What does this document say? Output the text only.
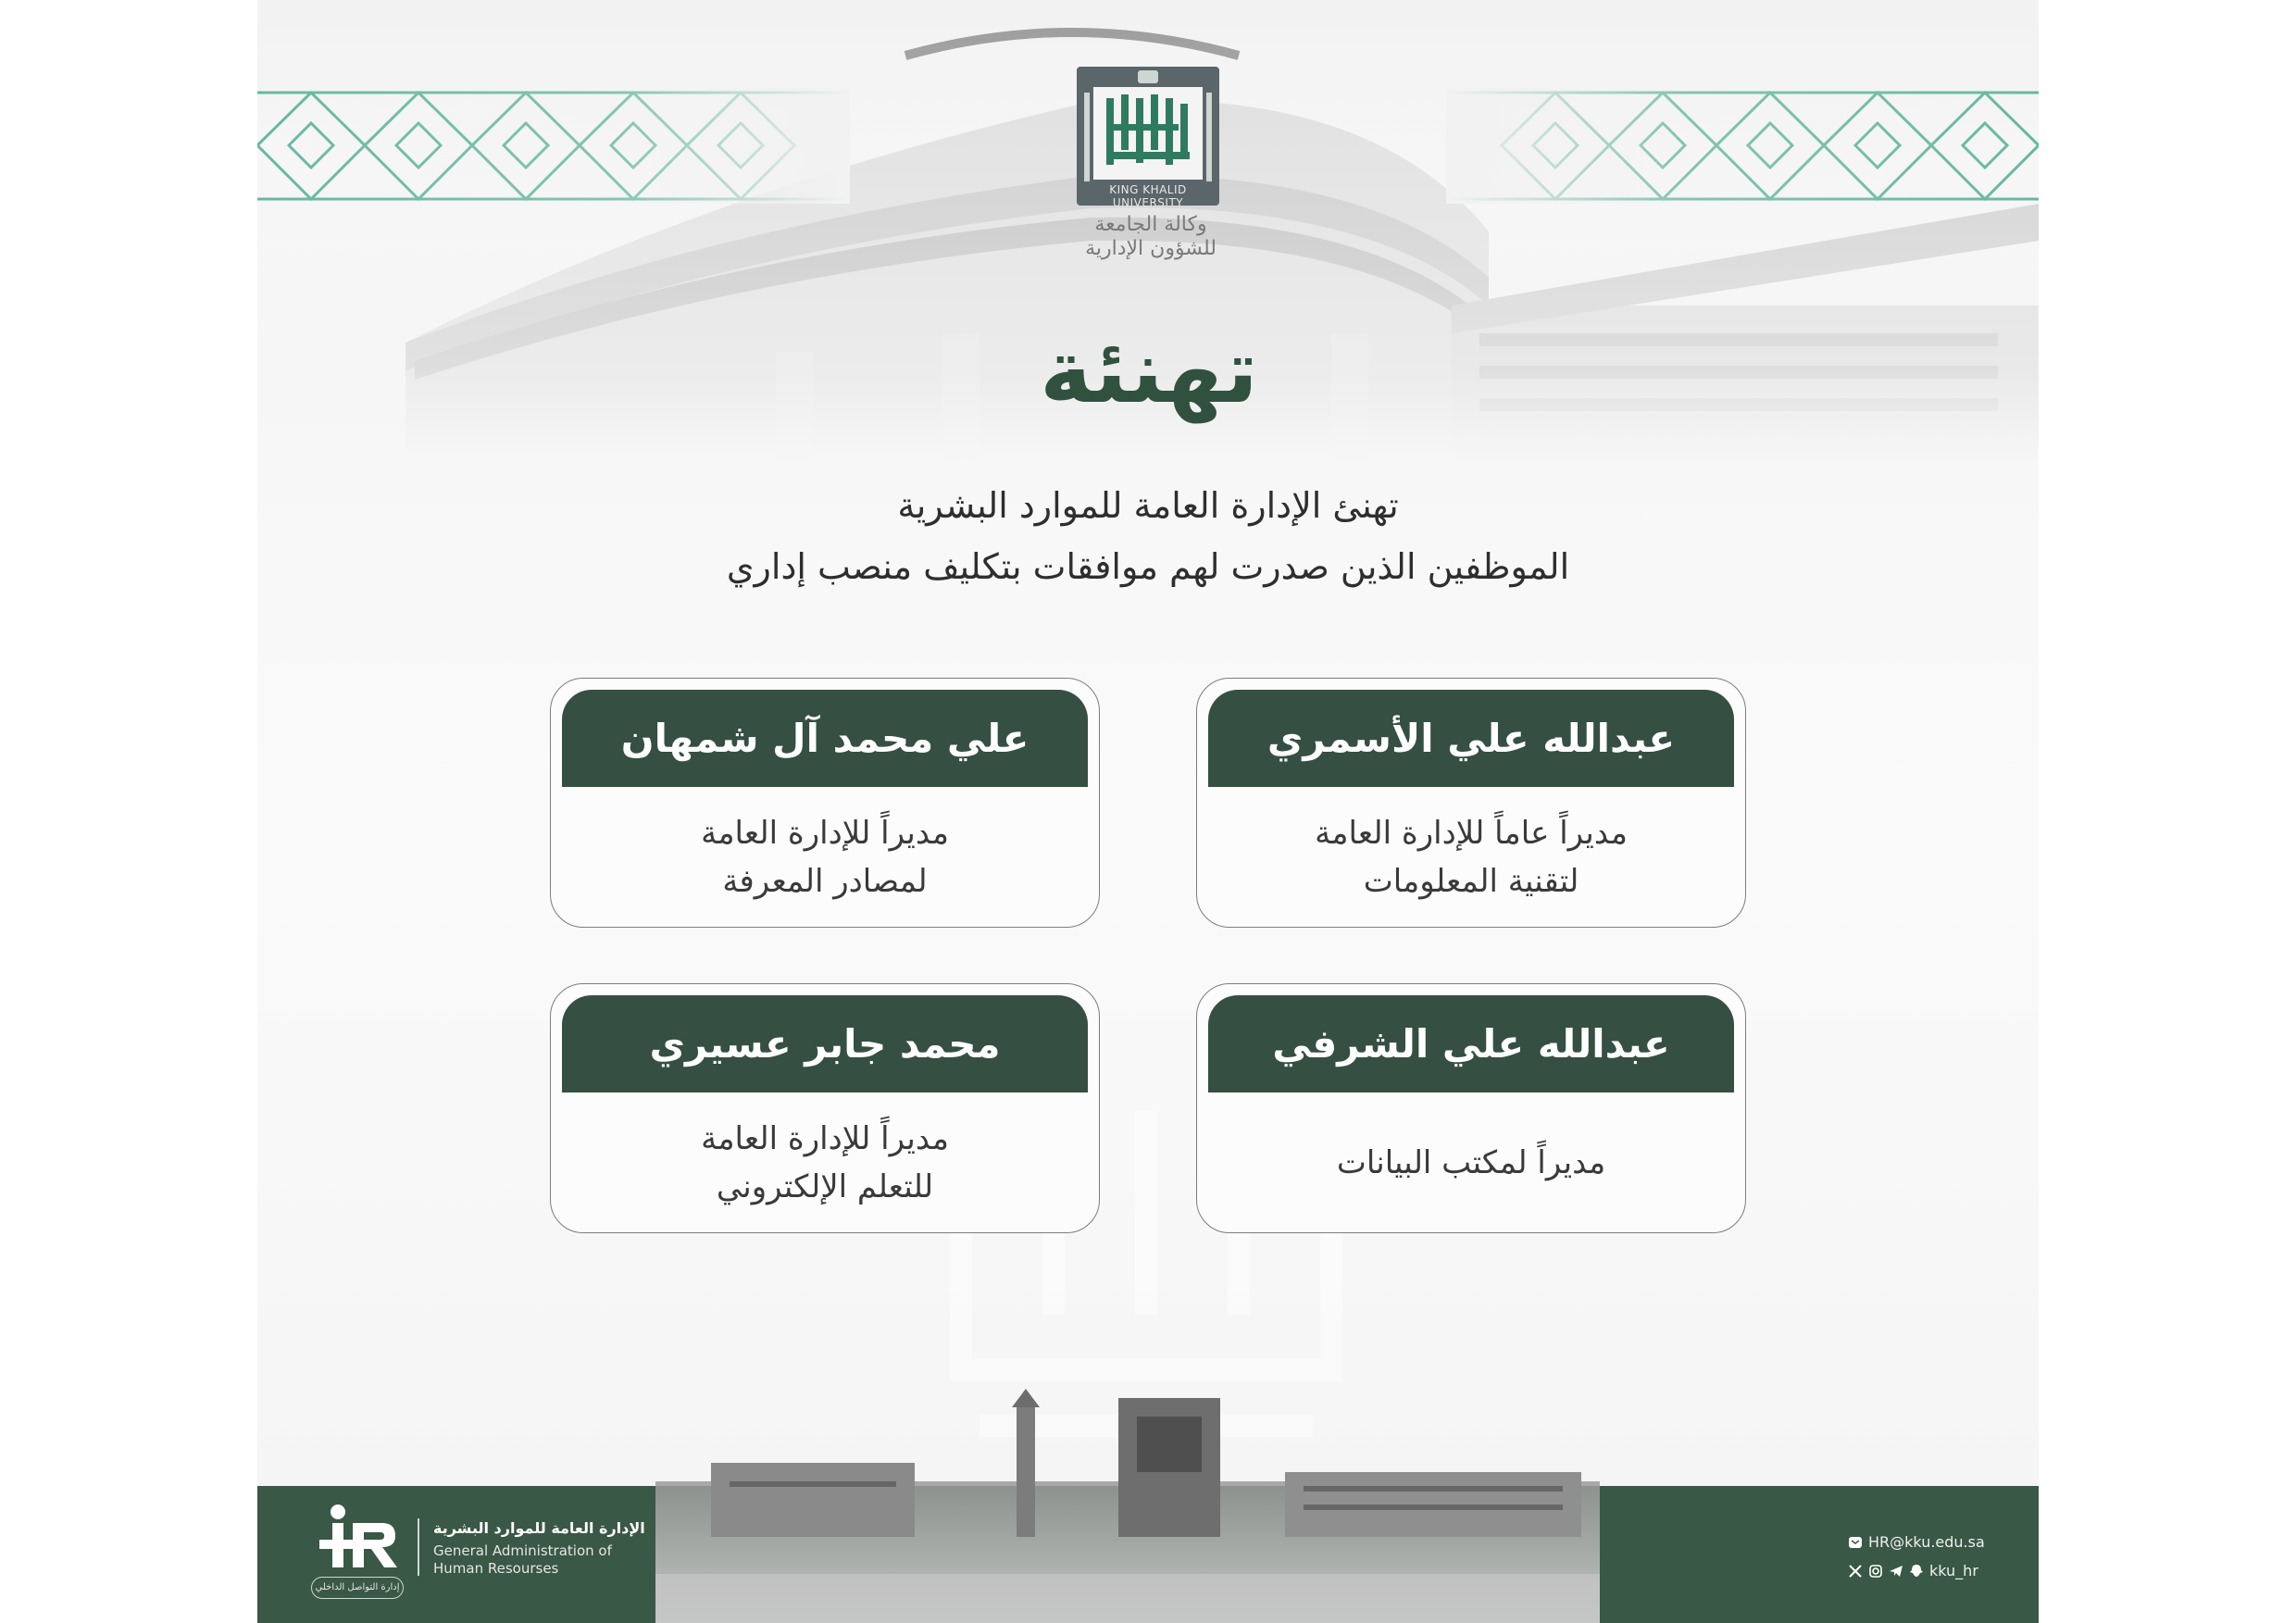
KING KHALID UNIVERSITY
وكالة الجامعة
للشؤون الإدارية
تهنئة
تهنئ الإدارة العامة للموارد البشرية
الموظفين الذين صدرت لهم موافقات بتكليف منصب إداري
عبدالله علي الأسمري
مديراً عاماً للإدارة العامة
لتقنية المعلومات
علي محمد آل شمهان
مديراً للإدارة العامة
لمصادر المعرفة
عبدالله علي الشرفي
مديراً لمكتب البيانات
محمد جابر عسيري
مديراً للإدارة العامة
للتعلم الإلكتروني
إدارة التواصل الداخلي
الإدارة العامة للموارد البشرية
General Administration of
Human Resourses
HR@kku.edu.sa
kku_hr
